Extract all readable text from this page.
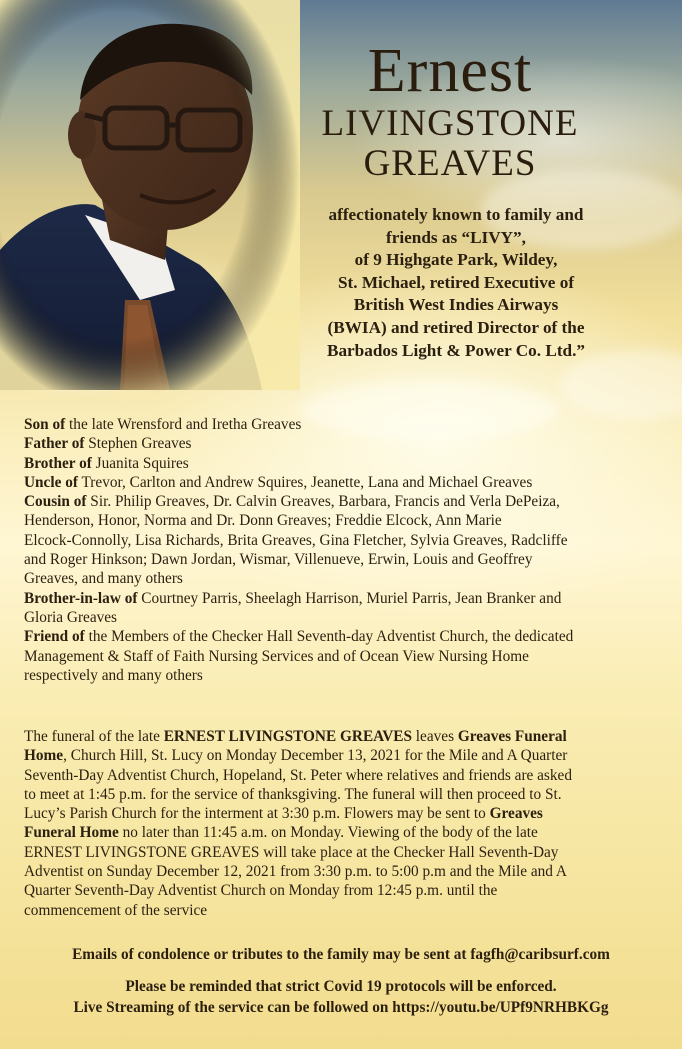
Ernest
LIVINGSTONE
GREAVES
affectionately known to family and
friends as “LIVY”,
of 9 Highgate Park, Wildey,
St. Michael, retired Executive of
British West Indies Airways
(BWIA) and retired Director of the
Barbados Light & Power Co. Ltd.”
Son of the late Wrensford and Iretha Greaves
Father of Stephen Greaves
Brother of Juanita Squires
Uncle of Trevor, Carlton and Andrew Squires, Jeanette, Lana and Michael Greaves
Cousin of Sir. Philip Greaves, Dr. Calvin Greaves, Barbara, Francis and Verla DePeiza,
Henderson, Honor, Norma and Dr. Donn Greaves; Freddie Elcock, Ann Marie
Elcock-Connolly, Lisa Richards, Brita Greaves, Gina Fletcher, Sylvia Greaves, Radcliffe
and Roger Hinkson; Dawn Jordan, Wismar, Villenueve, Erwin, Louis and Geoffrey
Greaves, and many others
Brother-in-law of Courtney Parris, Sheelagh Harrison, Muriel Parris, Jean Branker and
Gloria Greaves
Friend of the Members of the Checker Hall Seventh-day Adventist Church, the dedicated
Management & Staff of Faith Nursing Services and of Ocean View Nursing Home
respectively and many others
The funeral of the late ERNEST LIVINGSTONE GREAVES leaves Greaves Funeral
Home, Church Hill, St. Lucy on Monday December 13, 2021 for the Mile and A Quarter
Seventh-Day Adventist Church, Hopeland, St. Peter where relatives and friends are asked
to meet at 1:45 p.m. for the service of thanksgiving. The funeral will then proceed to St.
Lucy’s Parish Church for the interment at 3:30 p.m. Flowers may be sent to Greaves
Funeral Home no later than 11:45 a.m. on Monday. Viewing of the body of the late
ERNEST LIVINGSTONE GREAVES will take place at the Checker Hall Seventh-Day
Adventist on Sunday December 12, 2021 from 3:30 p.m. to 5:00 p.m and the Mile and A
Quarter Seventh-Day Adventist Church on Monday from 12:45 p.m. until the
commencement of the service
Emails of condolence or tributes to the family may be sent at fagfh@caribsurf.com
Please be reminded that strict Covid 19 protocols will be enforced.
Live Streaming of the service can be followed on https://youtu.be/UPf9NRHBKGg
